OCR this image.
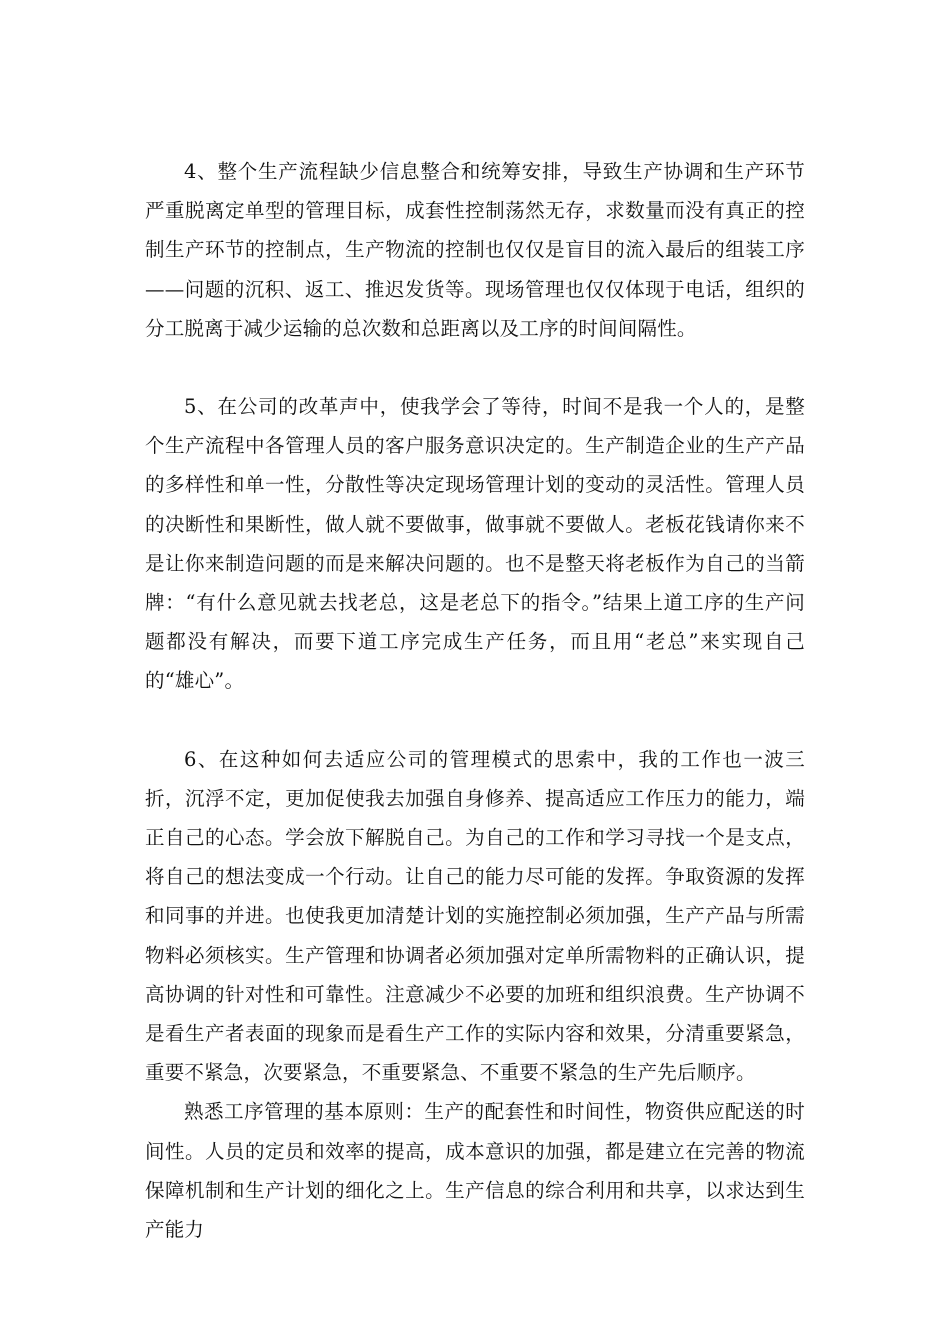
4、整个生产流程缺少信息整合和统筹安排，导致生产协调和生产环节严重脱离定单型的管理目标，成套性控制荡然无存，求数量而没有真正的控制生产环节的控制点，生产物流的控制也仅仅是盲目的流入最后的组装工序——问题的沉积、返工、推迟发货等。现场管理也仅仅体现于电话，组织的分工脱离于减少运输的总次数和总距离以及工序的时间间隔性。

5、在公司的改革声中，使我学会了等待，时间不是我一个人的，是整个生产流程中各管理人员的客户服务意识决定的。生产制造企业的生产产品的多样性和单一性，分散性等决定现场管理计划的变动的灵活性。管理人员的决断性和果断性，做人就不要做事，做事就不要做人。老板花钱请你来不是让你来制造问题的而是来解决问题的。也不是整天将老板作为自己的当箭牌：“有什么意见就去找老总，这是老总下的指令。”结果上道工序的生产问题都没有解决，而要下道工序完成生产任务，而且用“老总”来实现自己的“雄心”。

6、在这种如何去适应公司的管理模式的思索中，我的工作也一波三折，沉浮不定，更加促使我去加强自身修养、提高适应工作压力的能力，端正自己的心态。学会放下解脱自己。为自己的工作和学习寻找一个是支点，将自己的想法变成一个行动。让自己的能力尽可能的发挥。争取资源的发挥和同事的并进。也使我更加清楚计划的实施控制必须加强，生产产品与所需物料必须核实。生产管理和协调者必须加强对定单所需物料的正确认识，提高协调的针对性和可靠性。注意减少不必要的加班和组织浪费。生产协调不是看生产者表面的现象而是看生产工作的实际内容和效果，分清重要紧急，重要不紧急，次要紧急，不重要紧急、不重要不紧急的生产先后顺序。

熟悉工序管理的基本原则：生产的配套性和时间性，物资供应配送的时间性。人员的定员和效率的提高，成本意识的加强，都是建立在完善的物流保障机制和生产计划的细化之上。生产信息的综合利用和共享，以求达到生产能力
